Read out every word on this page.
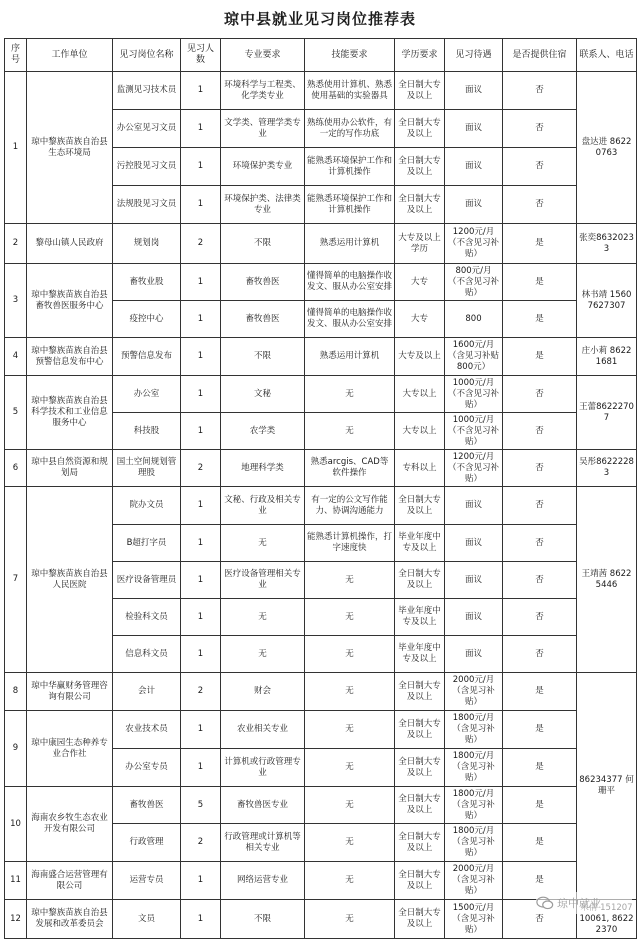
琼中县就业见习岗位推荐表
序号	工作单位	见习岗位名称	见习人数	专业要求	技能要求	学历要求	见习待遇	是否提供住宿	联系人、电话
1	琼中黎族苗族自治县生态环境局	监测见习技术员	1	环境科学与工程类、化学类专业	熟悉使用计算机、熟悉使用基础的实验器具	全日制大专及以上	面议	否	盘达进 86220763
		办公室见习文员	1	文学类、管理学类专业	熟练使用办公软件，有一定的写作功底	全日制大专及以上	面议	否	
		污控股见习文员	1	环境保护类专业	能熟悉环境保护工作和计算机操作	全日制大专及以上	面议	否	
		法规股见习文员	1	环境保护类、法律类专业	能熟悉环境保护工作和计算机操作	全日制大专及以上	面议	否	
2	黎母山镇人民政府	规划岗	2	不限	熟悉运用计算机	大专及以上学历	1200元/月（不含见习补贴）	是	张奕86320233
3	琼中黎族苗族自治县畜牧兽医服务中心	畜牧业股	1	畜牧兽医	懂得简单的电脑操作收发文、服从办公室安排	大专	800元/月（不含见习补贴）	是	林书靖 15607627307
		疫控中心	1	畜牧兽医	懂得简单的电脑操作收发文、服从办公室安排	大专	800	是	
4	琼中黎族苗族自治县预警信息发布中心	预警信息发布	1	不限	熟悉运用计算机	大专及以上	1600元/月（含见习补贴800元）	是	庄小莉 86221681
5	琼中黎族苗族自治县科学技术和工业信息服务中心	办公室	1	文秘	无	大专以上	1000元/月（不含见习补贴）	否	王蕾86222707
		科技股	1	农学类	无	大专以上	1000元/月（不含见习补贴）	否	
6	琼中县自然资源和规划局	国土空间规划管理股	2	地理科学类	熟悉arcgis、CAD等软件操作	专科以上	1200元/月（不含见习补贴）	否	吴彤86222283
7	琼中黎族苗族自治县人民医院	院办文员	1	文秘、行政及相关专业	有一定的公文写作能力、协调沟通能力	全日制大专及以上	面议	否	王靖茜 86225446
		B超打字员	1	无	能熟悉计算机操作，打字速度快	毕业年度中专及以上	面议	否	
		医疗设备管理员	1	医疗设备管理相关专业	无	全日制大专及以上	面议	否	
		检验科文员	1	无	无	毕业年度中专及以上	面议	否	
		信息科文员	1	无	无	毕业年度中专及以上	面议	否	
8	琼中华赢财务管理咨询有限公司	会计	2	财会	无	全日制大专及以上	2000元/月（含见习补贴）	是	86234377 何珊平
9	琼中康园生态种养专业合作社	农业技术员	1	农业相关专业	无	全日制大专及以上	1800元/月（含见习补贴）	是	
		办公室专员	1	计算机或行政管理专业	无	全日制大专及以上	1800元/月（含见习补贴）	是	
10	海南农乡牧生态农业开发有限公司	畜牧兽医	5	畜牧兽医专业	无	全日制大专及以上	1800元/月（含见习补贴）	是	
		行政管理	2	行政管理或计算机等相关专业	无	全日制大专及以上	1800元/月（含见习补贴）	是	
11	海南盛合运营管理有限公司	运营专员	1	网络运营专业	无	全日制大专及以上	2000元/月（含见习补贴）	是	
12	琼中黎族苗族自治县发展和改革委员会	文员	1	不限	无	全日制大专及以上	1500元/月（含见习补贴）	否	10061, 86222370
琼中就业
